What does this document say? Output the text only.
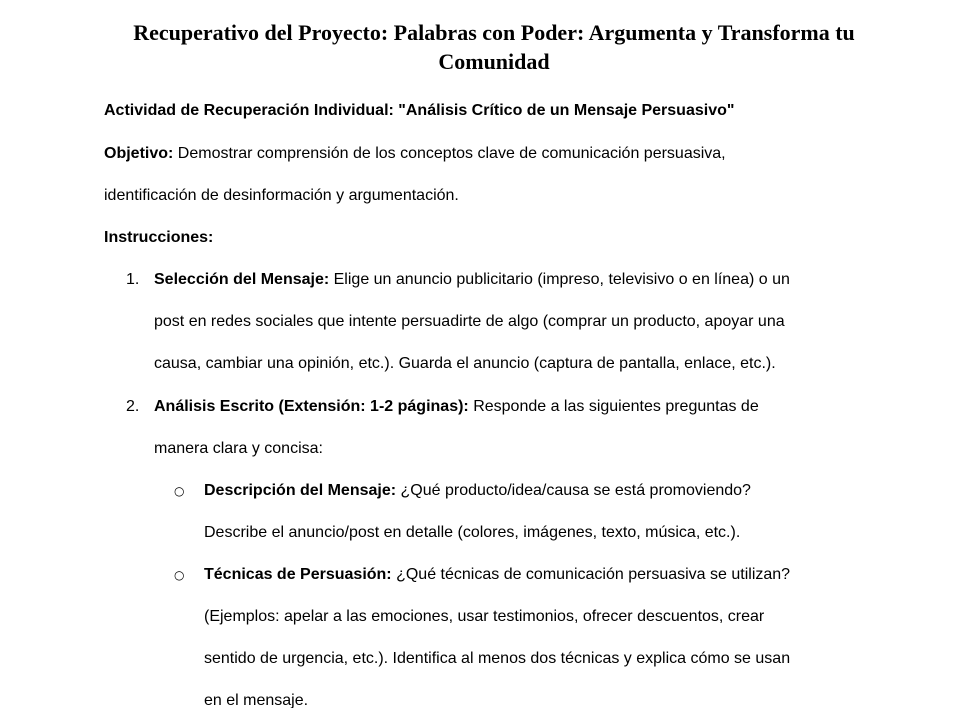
Recuperativo del Proyecto: Palabras con Poder: Argumenta y Transforma tu
Comunidad

Actividad de Recuperación Individual: "Análisis Crítico de un Mensaje Persuasivo"

Objetivo: Demostrar comprensión de los conceptos clave de comunicación persuasiva,

identificación de desinformación y argumentación.

Instrucciones:

1. Selección del Mensaje: Elige un anuncio publicitario (impreso, televisivo o en línea) o un

post en redes sociales que intente persuadirte de algo (comprar un producto, apoyar una

causa, cambiar una opinión, etc.). Guarda el anuncio (captura de pantalla, enlace, etc.).

2. Análisis Escrito (Extensión: 1-2 páginas): Responde a las siguientes preguntas de

manera clara y concisa:

○ Descripción del Mensaje: ¿Qué producto/idea/causa se está promoviendo?

Describe el anuncio/post en detalle (colores, imágenes, texto, música, etc.).

○ Técnicas de Persuasión: ¿Qué técnicas de comunicación persuasiva se utilizan?

(Ejemplos: apelar a las emociones, usar testimonios, ofrecer descuentos, crear

sentido de urgencia, etc.). Identifica al menos dos técnicas y explica cómo se usan

en el mensaje.
